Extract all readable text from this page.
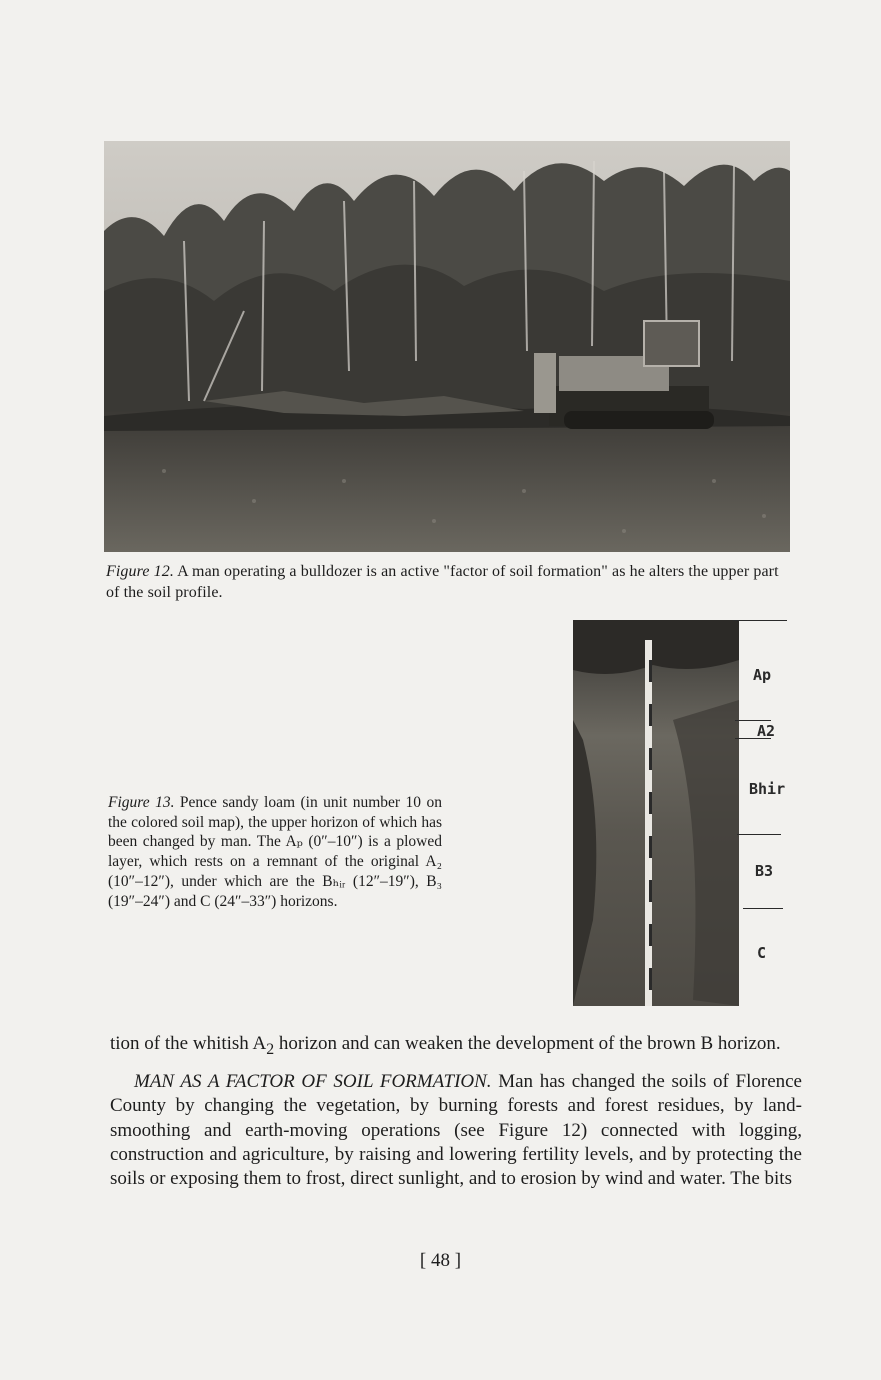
Figure 12. A man operating a bulldozer is an active "factor of soil formation" as he alters the upper part of the soil profile.
Ap
A2
Bhir
B3
C
Figure 13. Pence sandy loam (in unit number 10 on the colored soil map), the upper horizon of which has been changed by man. The Aₚ (0″–10″) is a plowed layer, which rests on a remnant of the original A₂ (10″–12″), under which are the Bₕᵢᵣ (12″–19″), B₃ (19″–24″) and C (24″–33″) horizons.

tion of the whitish $A_2$ horizon and can weaken the development of the brown B horizon.

MAN AS A FACTOR OF SOIL FORMATION. Man has changed the soils of Florence County by changing the vegetation, by burning forests and forest residues, by land-smoothing and earth-moving operations (see Figure 12) connected with logging, construction and agriculture, by raising and lowering fertility levels, and by protecting the soils or exposing them to frost, direct sunlight, and to erosion by wind and water. The bits

[ 48 ]
